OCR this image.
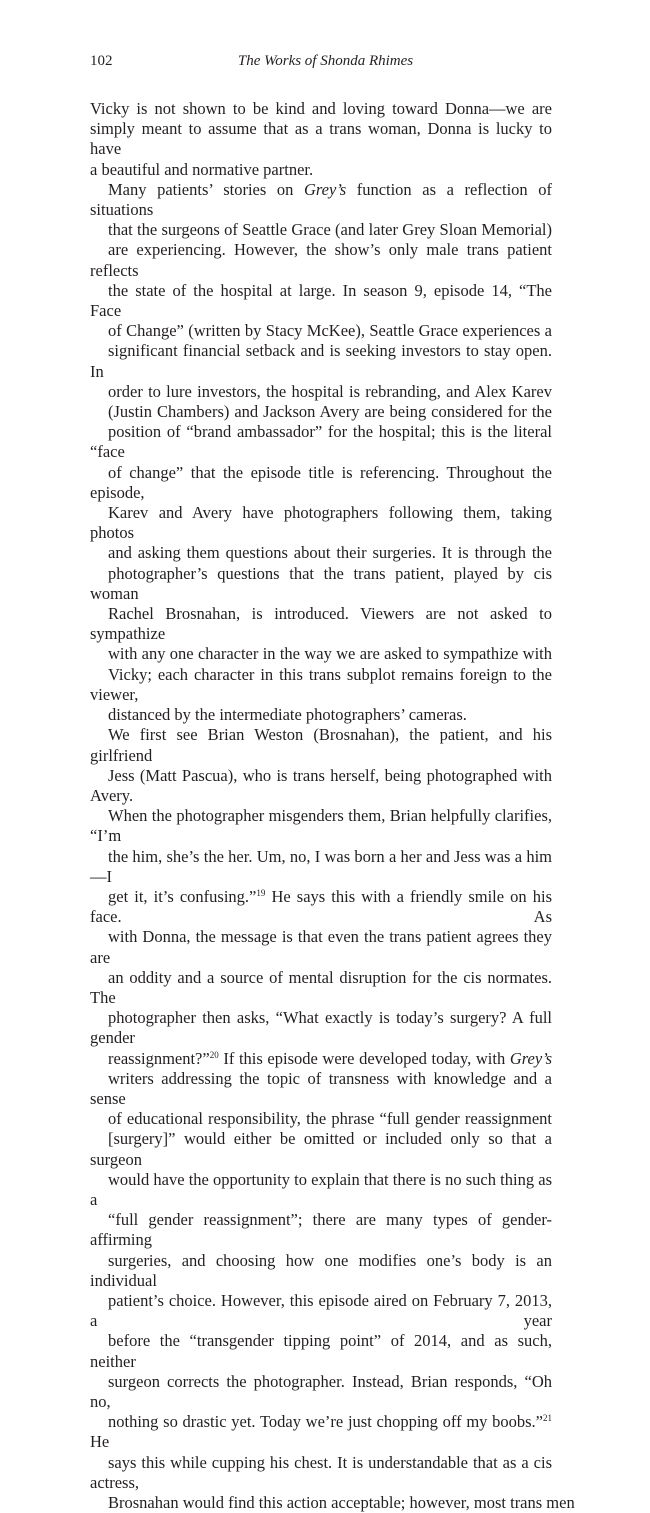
102	The Works of Shonda Rhimes
Vicky is not shown to be kind and loving toward Donna—we are
simply meant to assume that as a trans woman, Donna is lucky to have
a beautiful and normative partner.
Many patients’ stories on Grey’s function as a reflection of situations
that the surgeons of Seattle Grace (and later Grey Sloan Memorial)
are experiencing. However, the show’s only male trans patient reflects
the state of the hospital at large. In season 9, episode 14, “The Face
of Change” (written by Stacy McKee), Seattle Grace experiences a
significant financial setback and is seeking investors to stay open. In
order to lure investors, the hospital is rebranding, and Alex Karev
(Justin Chambers) and Jackson Avery are being considered for the
position of “brand ambassador” for the hospital; this is the literal “face
of change” that the episode title is referencing. Throughout the episode,
Karev and Avery have photographers following them, taking photos
and asking them questions about their surgeries. It is through the
photographer’s questions that the trans patient, played by cis woman
Rachel Brosnahan, is introduced. Viewers are not asked to sympathize
with any one character in the way we are asked to sympathize with
Vicky; each character in this trans subplot remains foreign to the viewer,
distanced by the intermediate photographers’ cameras.
We first see Brian Weston (Brosnahan), the patient, and his girlfriend
Jess (Matt Pascua), who is trans herself, being photographed with Avery.
When the photographer misgenders them, Brian helpfully clarifies, “I’m
the him, she’s the her. Um, no, I was born a her and Jess was a him—I
get it, it’s confusing.”$^{19}$ He says this with a friendly smile on his face. As
with Donna, the message is that even the trans patient agrees they are
an oddity and a source of mental disruption for the cis normates. The
photographer then asks, “What exactly is today’s surgery? A full gender
reassignment?”$^{20}$ If this episode were developed today, with Grey’s
writers addressing the topic of transness with knowledge and a sense
of educational responsibility, the phrase “full gender reassignment
[surgery]” would either be omitted or included only so that a surgeon
would have the opportunity to explain that there is no such thing as a
“full gender reassignment”; there are many types of gender-affirming
surgeries, and choosing how one modifies one’s body is an individual
patient’s choice. However, this episode aired on February 7, 2013, a year
before the “transgender tipping point” of 2014, and as such, neither
surgeon corrects the photographer. Instead, Brian responds, “Oh no,
nothing so drastic yet. Today we’re just chopping off my boobs.”$^{21}$ He
says this while cupping his chest. It is understandable that as a cis actress,
Brosnahan would find this action acceptable; however, most trans men
